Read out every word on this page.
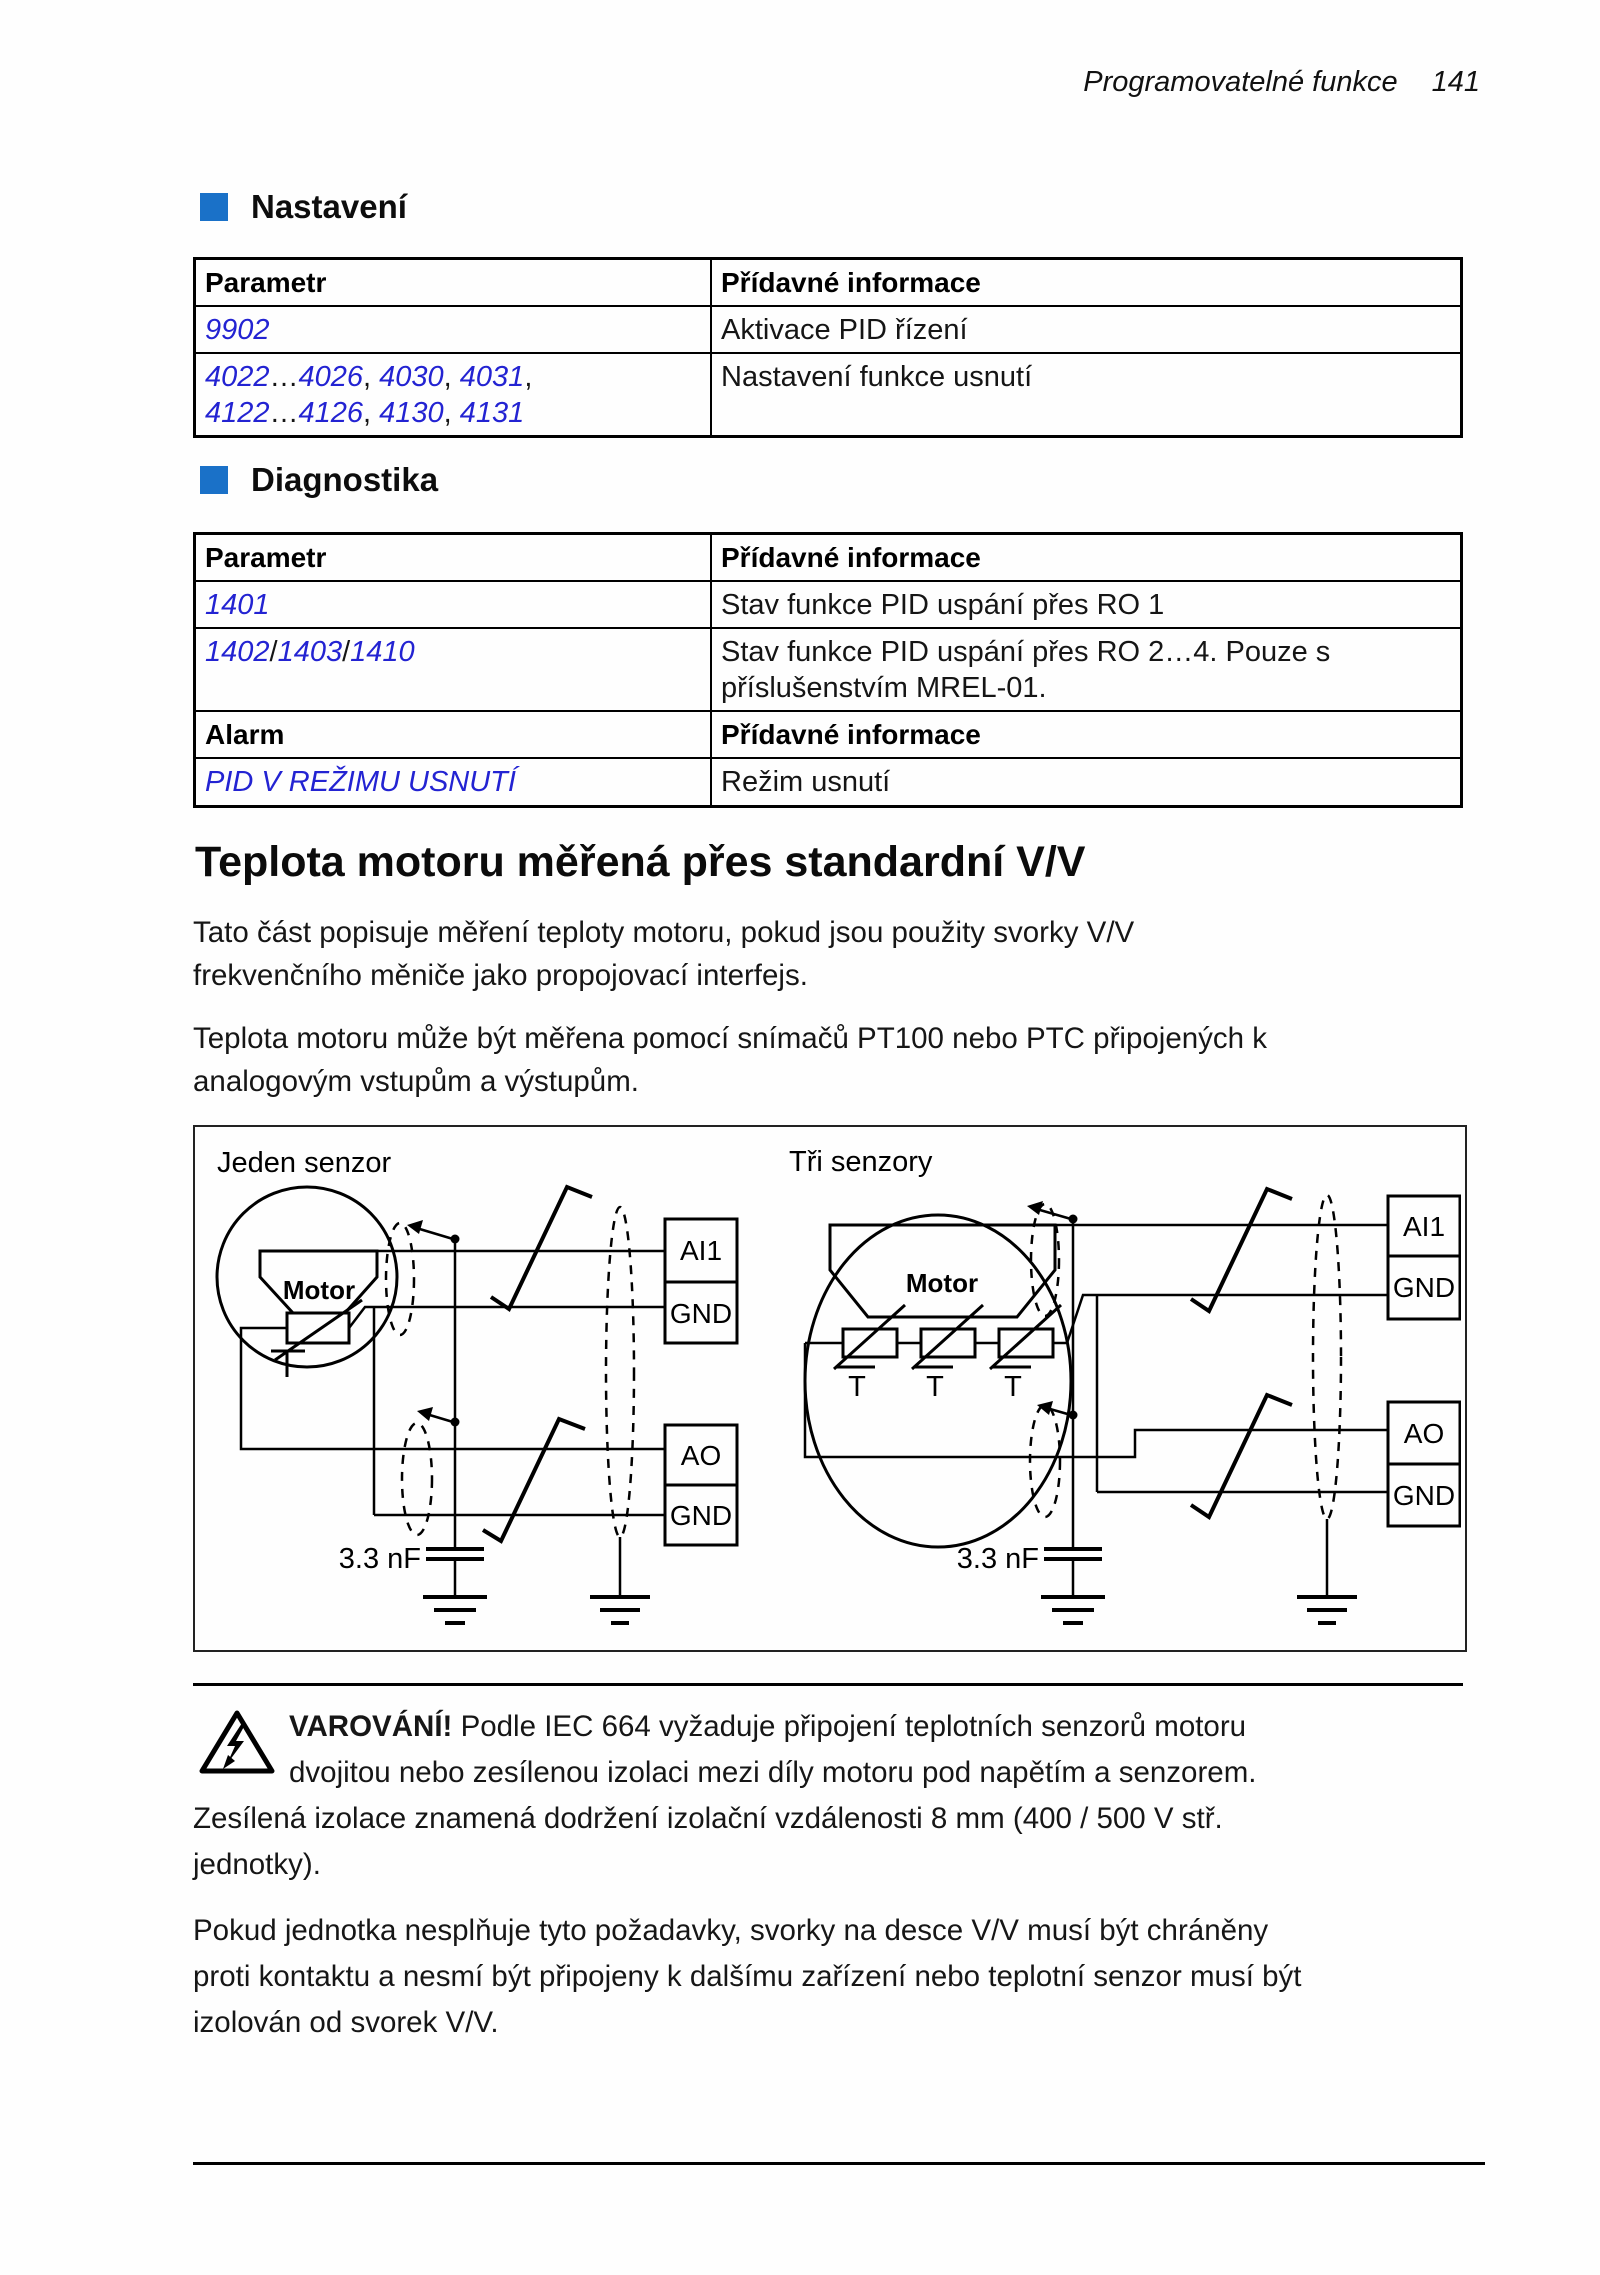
Programovatelné funkce 141
Nastavení
Parametr	Přídavné informace
9902	Aktivace PID řízení
4022…4026, 4030, 4031,
4122…4126, 4130, 4131	Nastavení funkce usnutí
Diagnostika
Parametr	Přídavné informace
1401	Stav funkce PID uspání přes RO 1
1402/1403/1410	Stav funkce PID uspání přes RO 2…4. Pouze s příslušenstvím MREL-01.
Alarm	Přídavné informace
PID V REŽIMU USNUTÍ	Režim usnutí
Teplota motoru měřená přes standardní V/V
Tato část popisuje měření teploty motoru, pokud jsou použity svorky V/V frekvenčního měniče jako propojovací interfejs.
Teplota motoru může být měřena pomocí snímačů PT100 nebo PTC připojených k analogovým vstupům a výstupům.
Jeden senzor
Motor
3.3 nF
AI1
GND
AO
GND
Tři senzory
Motor
T T T
3.3 nF
AI1
GND
AO
GND
VAROVÁNÍ! Podle IEC 664 vyžaduje připojení teplotních senzorů motoru dvojitou nebo zesílenou izolaci mezi díly motoru pod napětím a senzorem. Zesílená izolace znamená dodržení izolační vzdálenosti 8 mm (400 / 500 V stř. jednotky).
Pokud jednotka nesplňuje tyto požadavky, svorky na desce V/V musí být chráněny proti kontaktu a nesmí být připojeny k dalšímu zařízení nebo teplotní senzor musí být izolován od svorek V/V.
